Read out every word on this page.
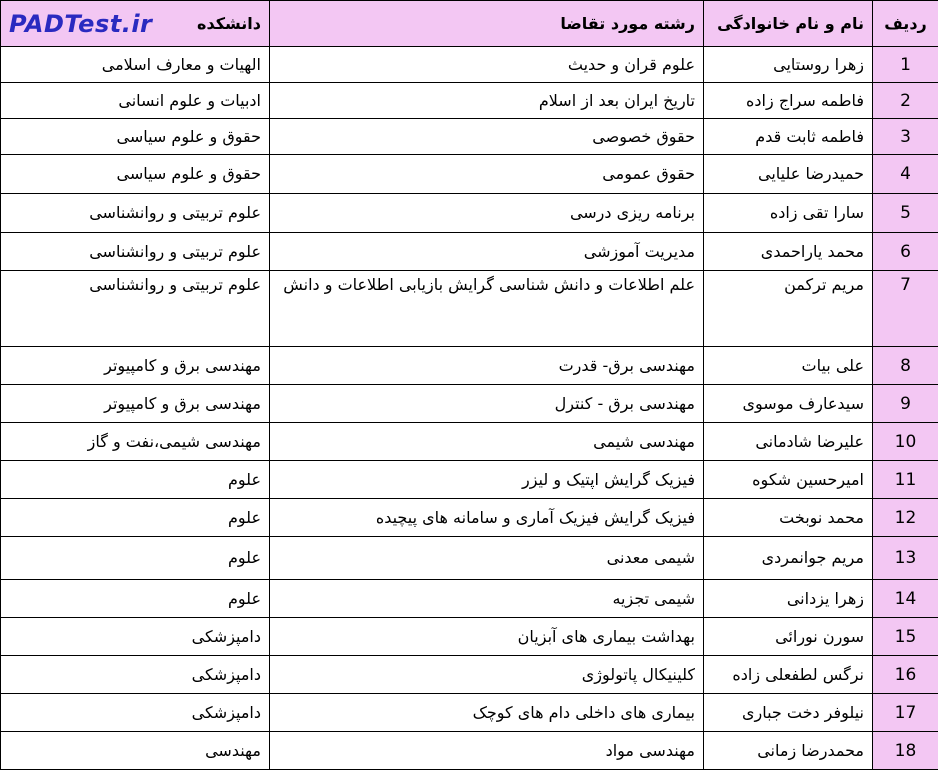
ردیف	نام و نام خانوادگی	رشته مورد تقاضا	دانشکده
PADTest.ir

1	زهرا روستایی	علوم قران و حدیث	الهیات و معارف اسلامی
2	فاطمه سراج زاده	تاریخ ایران بعد از اسلام	ادبیات و علوم انسانی
3	فاطمه ثابت قدم	حقوق خصوصی	حقوق و علوم سیاسی
4	حمیدرضا علیایی	حقوق عمومی	حقوق و علوم سیاسی
5	سارا تقی زاده	برنامه ریزی درسی	علوم تربیتی و روانشناسی
6	محمد یاراحمدی	مدیریت آموزشی	علوم تربیتی و روانشناسی
7	مریم ترکمن	علم اطلاعات و دانش شناسی گرایش بازیابی اطلاعات و دانش	علوم تربیتی و روانشناسی
8	علی بیات	مهندسی برق- قدرت	مهندسی برق و کامپیوتر
9	سیدعارف موسوی	مهندسی برق - کنترل	مهندسی برق و کامپیوتر
10	علیرضا شادمانی	مهندسی شیمی	مهندسی شیمی،نفت و گاز
11	امیرحسین شکوه	فیزیک گرایش اپتیک و لیزر	علوم
12	محمد نوبخت	فیزیک گرایش فیزیک آماری و سامانه های پیچیده	علوم
13	مریم جوانمردی	شیمی معدنی	علوم
14	زهرا یزدانی	شیمی تجزیه	علوم
15	سورن نورائی	بهداشت بیماری های آبزیان	دامپزشکی
16	نرگس لطفعلی زاده	کلینیکال پاتولوژی	دامپزشکی
17	نیلوفر دخت جباری	بیماری های داخلی دام های کوچک	دامپزشکی
18	محمدرضا زمانی	مهندسی مواد	مهندسی
